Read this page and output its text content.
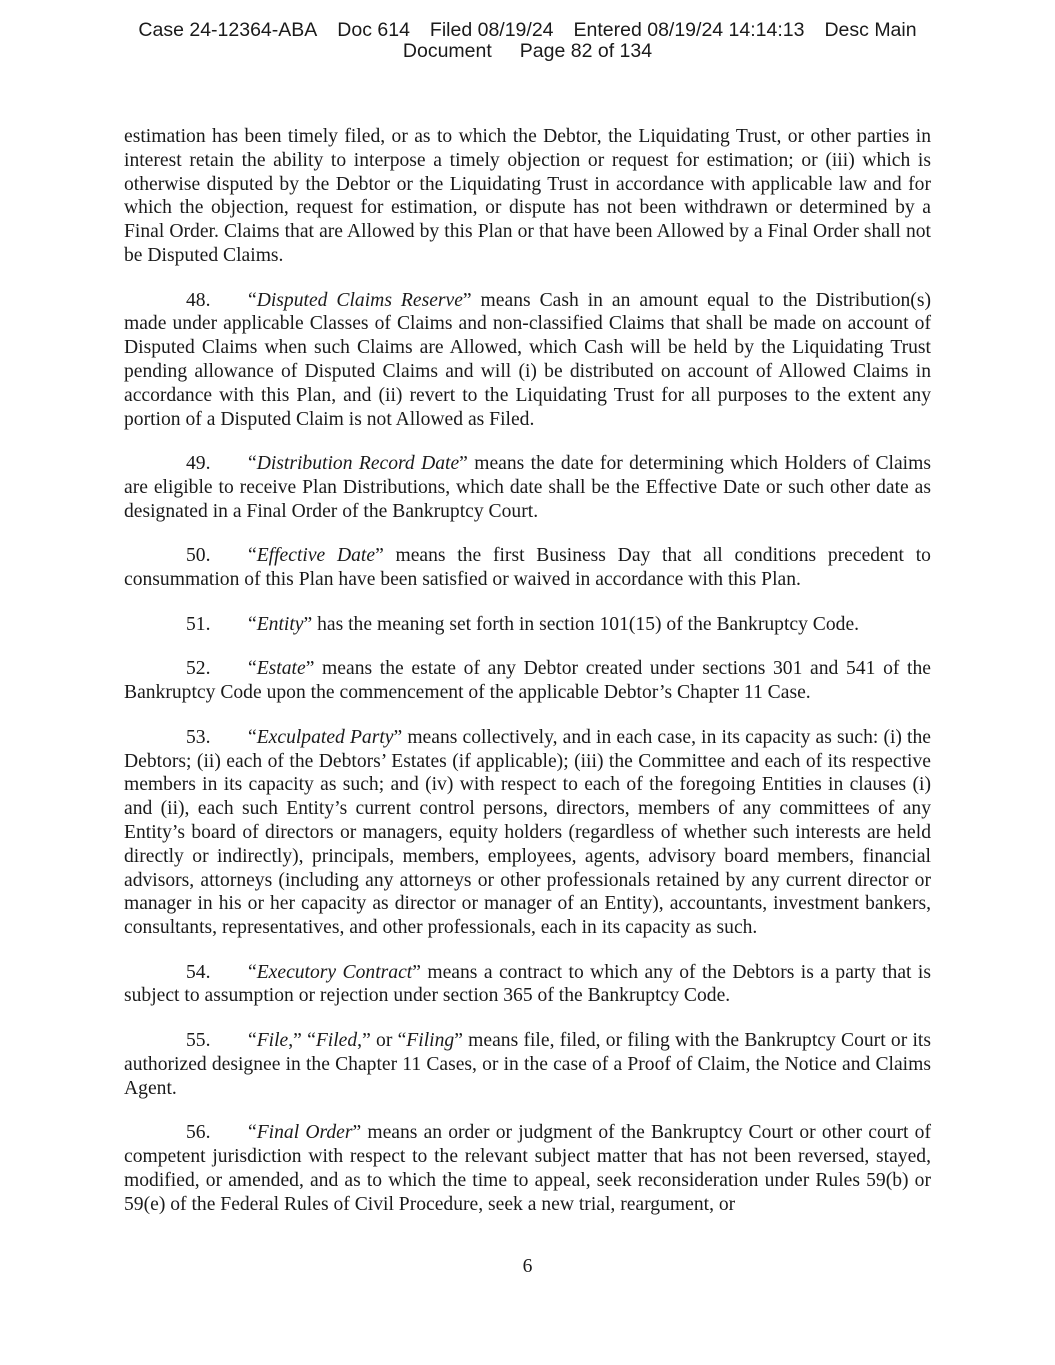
Case 24-12364-ABA Doc 614 Filed 08/19/24 Entered 08/19/24 14:14:13 Desc Main
Document Page 82 of 134

estimation has been timely filed, or as to which the Debtor, the Liquidating Trust, or other parties in interest retain the ability to interpose a timely objection or request for estimation; or (iii) which is otherwise disputed by the Debtor or the Liquidating Trust in accordance with applicable law and for which the objection, request for estimation, or dispute has not been withdrawn or determined by a Final Order. Claims that are Allowed by this Plan or that have been Allowed by a Final Order shall not be Disputed Claims.

48. “Disputed Claims Reserve” means Cash in an amount equal to the Distribution(s) made under applicable Classes of Claims and non-classified Claims that shall be made on account of Disputed Claims when such Claims are Allowed, which Cash will be held by the Liquidating Trust pending allowance of Disputed Claims and will (i) be distributed on account of Allowed Claims in accordance with this Plan, and (ii) revert to the Liquidating Trust for all purposes to the extent any portion of a Disputed Claim is not Allowed as Filed.

49. “Distribution Record Date” means the date for determining which Holders of Claims are eligible to receive Plan Distributions, which date shall be the Effective Date or such other date as designated in a Final Order of the Bankruptcy Court.

50. “Effective Date” means the first Business Day that all conditions precedent to consummation of this Plan have been satisfied or waived in accordance with this Plan.

51. “Entity” has the meaning set forth in section 101(15) of the Bankruptcy Code.

52. “Estate” means the estate of any Debtor created under sections 301 and 541 of the Bankruptcy Code upon the commencement of the applicable Debtor’s Chapter 11 Case.

53. “Exculpated Party” means collectively, and in each case, in its capacity as such: (i) the Debtors; (ii) each of the Debtors’ Estates (if applicable); (iii) the Committee and each of its respective members in its capacity as such; and (iv) with respect to each of the foregoing Entities in clauses (i) and (ii), each such Entity’s current control persons, directors, members of any committees of any Entity’s board of directors or managers, equity holders (regardless of whether such interests are held directly or indirectly), principals, members, employees, agents, advisory board members, financial advisors, attorneys (including any attorneys or other professionals retained by any current director or manager in his or her capacity as director or manager of an Entity), accountants, investment bankers, consultants, representatives, and other professionals, each in its capacity as such.

54. “Executory Contract” means a contract to which any of the Debtors is a party that is subject to assumption or rejection under section 365 of the Bankruptcy Code.

55. “File,” “Filed,” or “Filing” means file, filed, or filing with the Bankruptcy Court or its authorized designee in the Chapter 11 Cases, or in the case of a Proof of Claim, the Notice and Claims Agent.

56. “Final Order” means an order or judgment of the Bankruptcy Court or other court of competent jurisdiction with respect to the relevant subject matter that has not been reversed, stayed, modified, or amended, and as to which the time to appeal, seek reconsideration under Rules 59(b) or 59(e) of the Federal Rules of Civil Procedure, seek a new trial, reargument, or

6
